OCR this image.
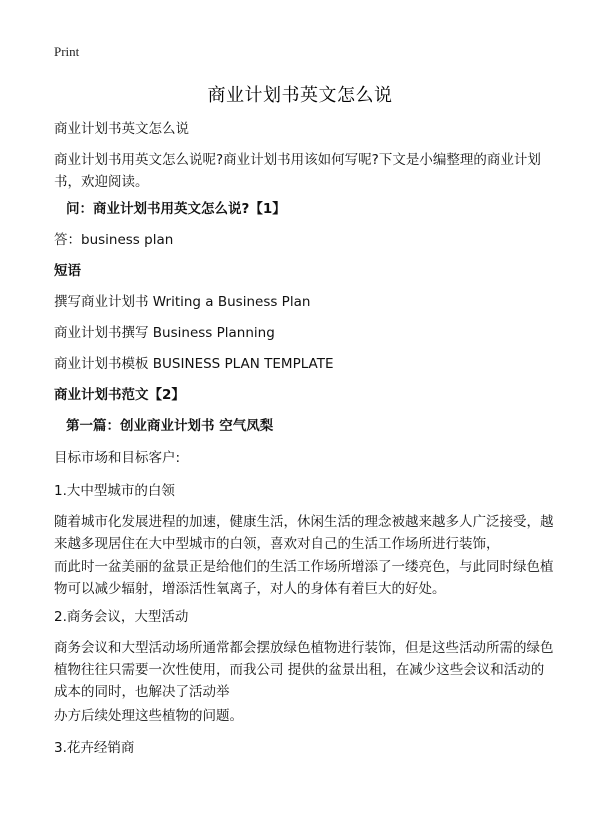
Print
商业计划书英文怎么说

商业计划书英文怎么说

商业计划书用英文怎么说呢?商业计划书用该如何写呢?下文是小编整理的商业计划书，欢迎阅读。

问：商业计划书用英文怎么说?【1】

答：business plan

短语

撰写商业计划书 Writing a Business Plan

商业计划书撰写 Business Planning

商业计划书模板 BUSINESS PLAN TEMPLATE

商业计划书范文【2】

第一篇：创业商业计划书 空气凤梨

目标市场和目标客户:

1.大中型城市的白领

随着城市化发展进程的加速，健康生活，休闲生活的理念被越来越多人广泛接受，越来越多现居住在大中型城市的白领，喜欢对自己的生活工作场所进行装饰，

而此时一盆美丽的盆景正是给他们的生活工作场所增添了一缕亮色，与此同时绿色植物可以减少辐射，增添活性氧离子，对人的身体有着巨大的好处。

2.商务会议，大型活动

商务会议和大型活动场所通常都会摆放绿色植物进行装饰，但是这些活动所需的绿色植物往往只需要一次性使用，而我公司 提供的盆景出租，在减少这些会议和活动的成本的同时，也解决了活动举

办方后续处理这些植物的问题。

3.花卉经销商
